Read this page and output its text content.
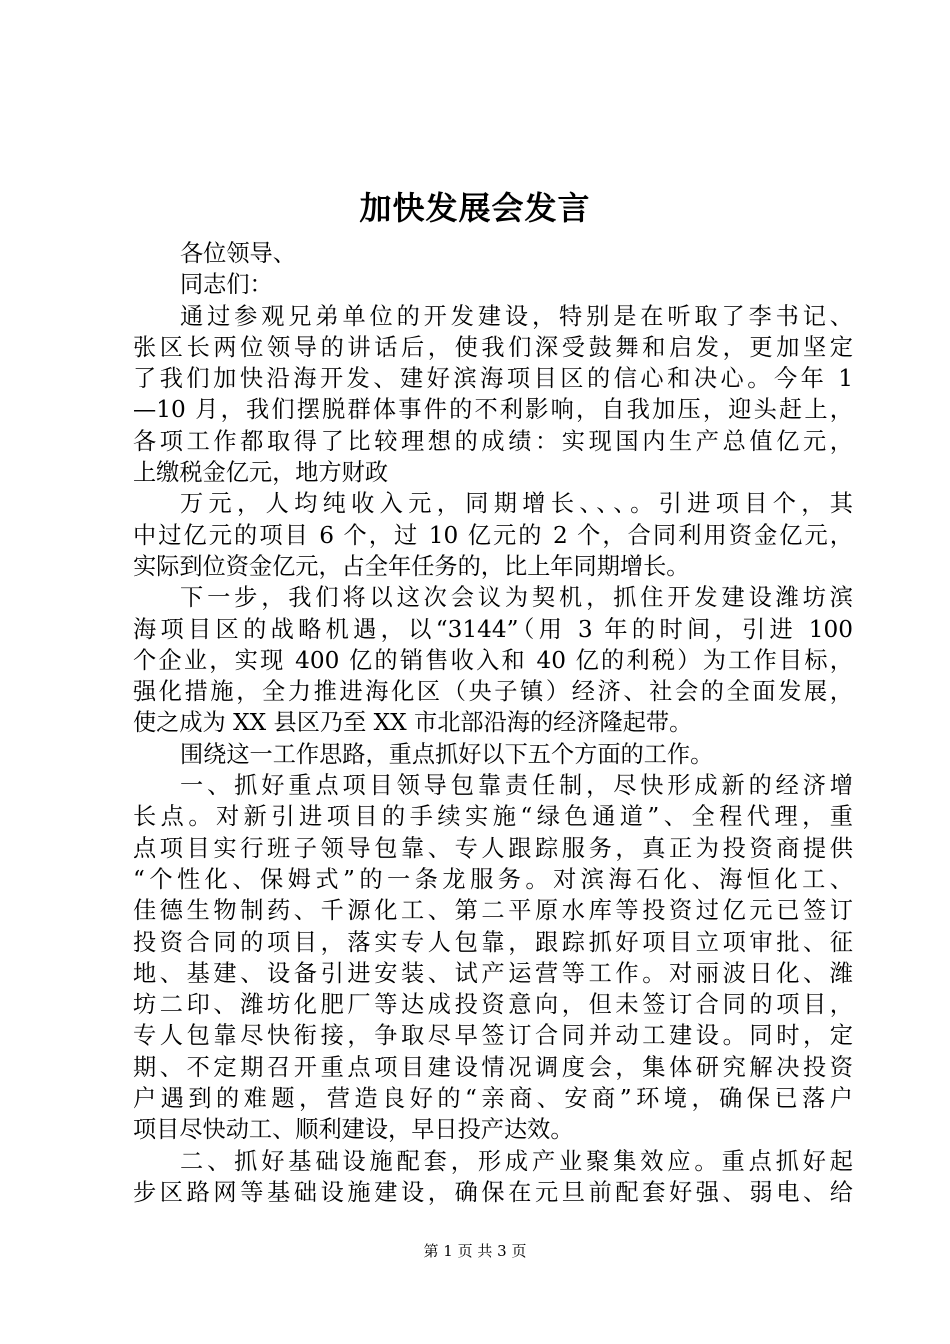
加快发展会发言
各位领导、
同志们：
通过参观兄弟单位的开发建设，特别是在听取了李书记、
张区长两位领导的讲话后，使我们深受鼓舞和启发，更加坚定
了我们加快沿海开发、建好滨海项目区的信心和决心。今年 1
—10 月，我们摆脱群体事件的不利影响，自我加压，迎头赶上，
各项工作都取得了比较理想的成绩：实现国内生产总值亿元，
上缴税金亿元，地方财政
万元，人均纯收入元，同期增长、、、。引进项目个，其
中过亿元的项目 6 个，过 10 亿元的 2 个，合同利用资金亿元，
实际到位资金亿元，占全年任务的，比上年同期增长。
下一步，我们将以这次会议为契机，抓住开发建设潍坊滨
海项目区的战略机遇，以“3144”（用 3 年的时间，引进 100
个企业，实现 400 亿的销售收入和 40 亿的利税）为工作目标，
强化措施，全力推进海化区（央子镇）经济、社会的全面发展，
使之成为 XX 县区乃至 XX 市北部沿海的经济隆起带。
围绕这一工作思路，重点抓好以下五个方面的工作。
一、抓好重点项目领导包靠责任制，尽快形成新的经济增
长点。对新引进项目的手续实施“绿色通道”、全程代理，重
点项目实行班子领导包靠、专人跟踪服务，真正为投资商提供
“个性化、保姆式”的一条龙服务。对滨海石化、海恒化工、
佳德生物制药、千源化工、第二平原水库等投资过亿元已签订
投资合同的项目，落实专人包靠，跟踪抓好项目立项审批、征
地、基建、设备引进安装、试产运营等工作。对丽波日化、潍
坊二印、潍坊化肥厂等达成投资意向，但未签订合同的项目，
专人包靠尽快衔接，争取尽早签订合同并动工建设。同时，定
期、不定期召开重点项目建设情况调度会，集体研究解决投资
户遇到的难题，营造良好的“亲商、安商”环境，确保已落户
项目尽快动工、顺利建设，早日投产达效。
二、抓好基础设施配套，形成产业聚集效应。重点抓好起
步区路网等基础设施建设，确保在元旦前配套好强、弱电、给
第 1 页 共 3 页
